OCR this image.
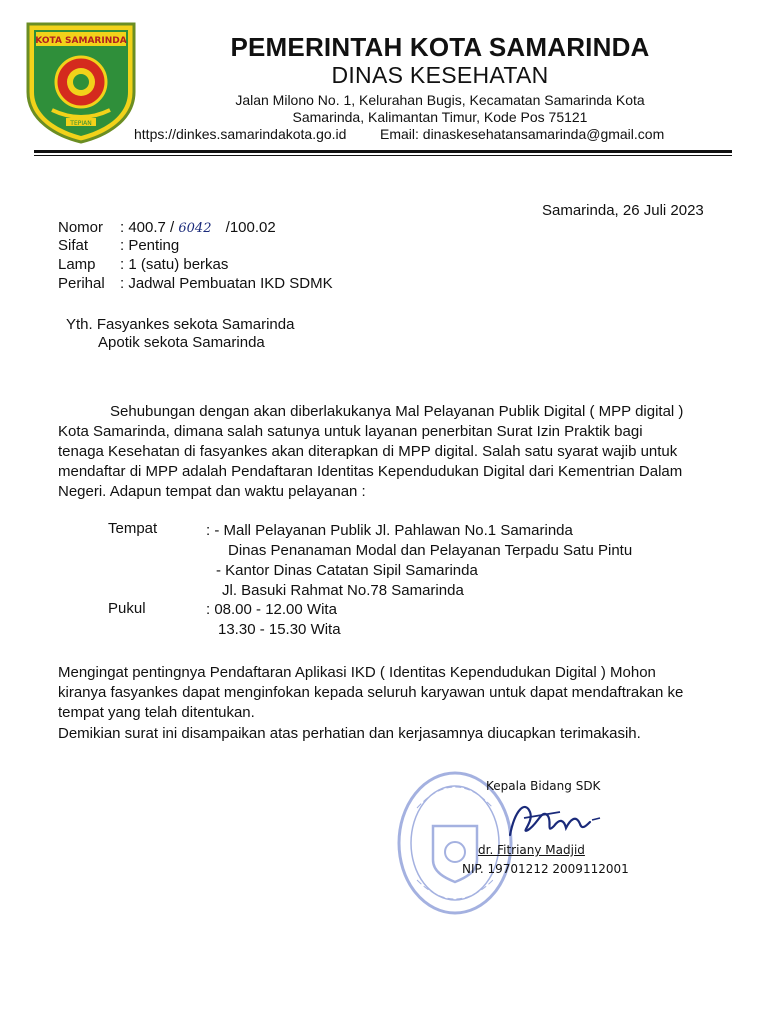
KOTA SAMARINDA
TEPIAN
PEMERINTAH KOTA SAMARINDA
DINAS KESEHATAN
Jalan Milono No. 1, Kelurahan Bugis, Kecamatan Samarinda Kota
Samarinda, Kalimantan Timur, Kode Pos 75121
https://dinkes.samarindakota.go.id Email: dinaskesehatansamarinda@gmail.com
Samarinda, 26 Juli 2023
Nomor : 400.7 / 6042 /100.02
Sifat : Penting
Lamp : 1 (satu) berkas
Perihal : Jadwal Pembuatan IKD SDMK
Yth. Fasyankes sekota Samarinda
Apotik sekota Samarinda
Sehubungan dengan akan diberlakukanya Mal Pelayanan Publik Digital ( MPP digital )
Kota Samarinda, dimana salah satunya untuk layanan penerbitan Surat Izin Praktik bagi
tenaga Kesehatan di fasyankes akan diterapkan di MPP digital. Salah satu syarat wajib untuk
mendaftar di MPP adalah Pendaftaran Identitas Kependudukan Digital dari Kementrian Dalam
Negeri. Adapun tempat dan waktu pelayanan :
Tempat	: - Mall Pelayanan Publik Jl. Pahlawan No.1 Samarinda
Dinas Penanaman Modal dan Pelayanan Terpadu Satu Pintu
- Kantor Dinas Catatan Sipil Samarinda
Jl. Basuki Rahmat No.78 Samarinda
Pukul	: 08.00 - 12.00 Wita
13.30 - 15.30 Wita
Mengingat pentingnya Pendaftaran Aplikasi IKD ( Identitas Kependudukan Digital ) Mohon
kiranya fasyankes dapat menginfokan kepada seluruh karyawan untuk dapat mendaftrakan ke
tempat yang telah ditentukan.
Demikian surat ini disampaikan atas perhatian dan kerjasamnya diucapkan terimakasih.
Kepala Bidang SDK
dr. Fitriany Madjid
NIP. 19701212 2009112001
